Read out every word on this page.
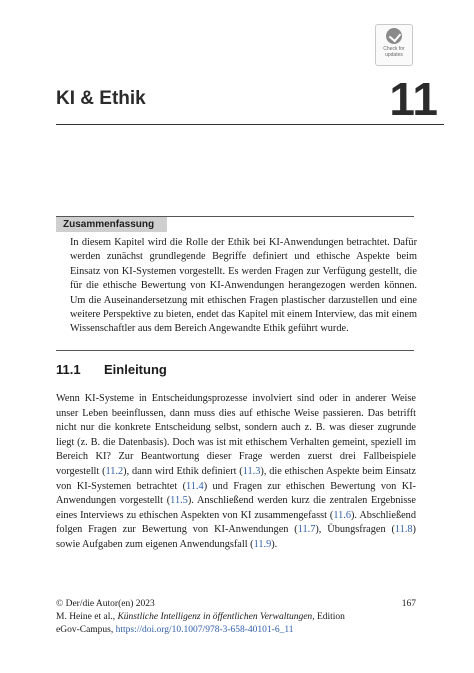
Check for
updates
KI & Ethik	11
Zusammenfassung

In diesem Kapitel wird die Rolle der Ethik bei KI-Anwendungen betrachtet. Dafür werden zunächst grundlegende Begriffe definiert und ethische Aspekte beim Einsatz von KI-Systemen vorgestellt. Es werden Fragen zur Verfügung gestellt, die für die ethische Bewertung von KI-Anwendungen herangezogen werden können. Um die Auseinandersetzung mit ethischen Fragen plastischer darzustellen und eine weitere Perspektive zu bieten, endet das Kapitel mit einem Interview, das mit einem Wissenschaftler aus dem Bereich Angewandte Ethik geführt wurde.

11.1 Einleitung

Wenn KI-Systeme in Entscheidungsprozesse involviert sind oder in anderer Weise unser Leben beeinflussen, dann muss dies auf ethische Weise passieren. Das betrifft nicht nur die konkrete Entscheidung selbst, sondern auch z. B. was dieser zugrunde liegt (z. B. die Datenbasis). Doch was ist mit ethischem Verhalten gemeint, speziell im Bereich KI? Zur Beantwortung dieser Frage werden zuerst drei Fallbeispiele vorgestellt (11.2), dann wird Ethik definiert (11.3), die ethischen Aspekte beim Einsatz von KI-Systemen betrachtet (11.4) und Fragen zur ethischen Bewertung von KI-Anwendungen vorgestellt (11.5). Anschließend werden kurz die zentralen Ergebnisse eines Interviews zu ethischen Aspekten von KI zusammengefasst (11.6). Abschließend folgen Fragen zur Bewertung von KI-Anwendungen (11.7), Übungsfragen (11.8) sowie Aufgaben zum eigenen Anwendungsfall (11.9).

© Der/die Autor(en) 2023	167
M. Heine et al., Künstliche Intelligenz in öffentlichen Verwaltungen, Edition
eGov-Campus, https://doi.org/10.1007/978-3-658-40101-6_11
